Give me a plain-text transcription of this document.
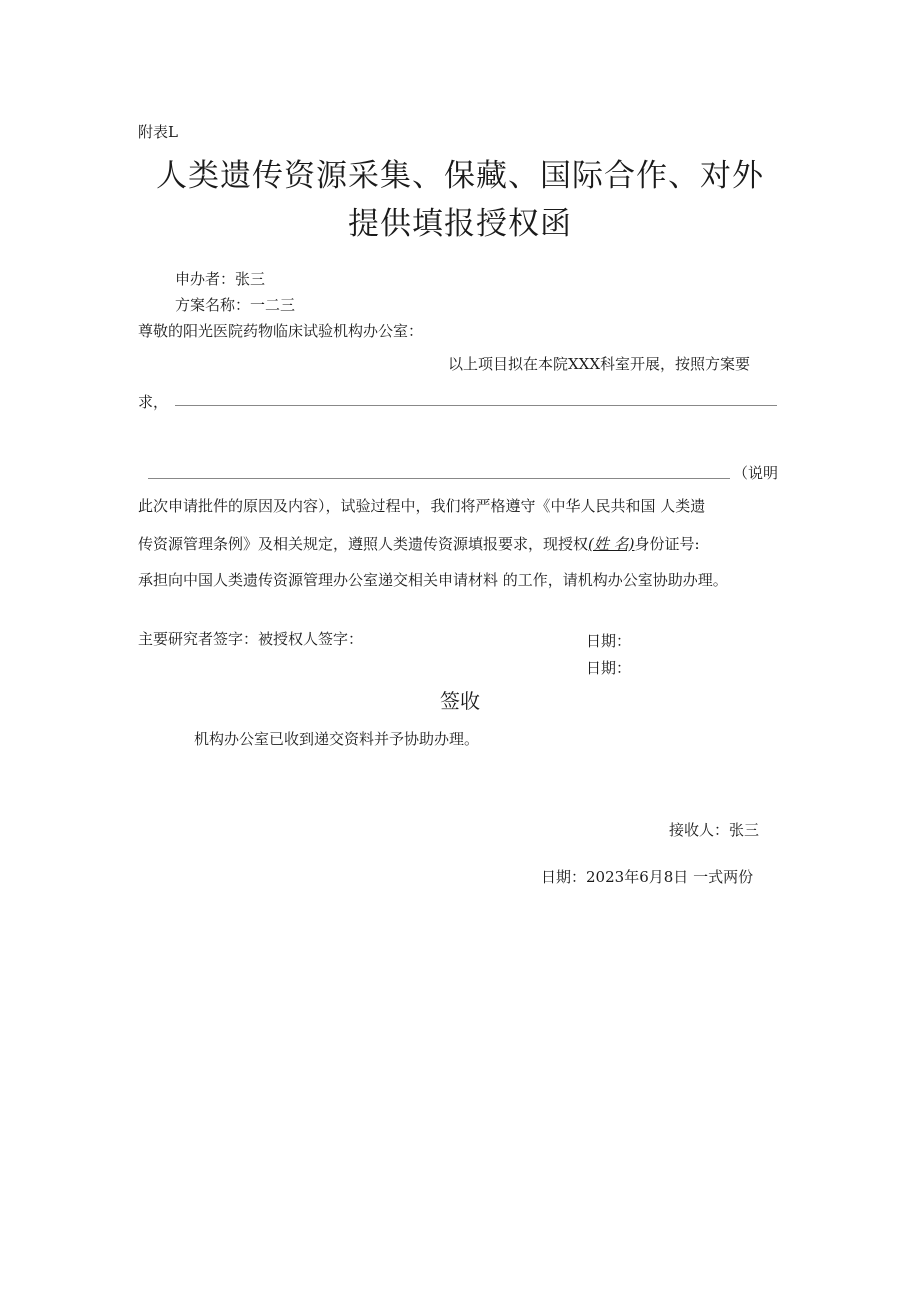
附表L
人类遗传资源采集、保藏、国际合作、对外
提供填报授权函
申办者：张三
方案名称：一二三
尊敬的阳光医院药物临床试验机构办公室：
以上项目拟在本院XXX科室开展，按照方案要
求，
（说明
此次申请批件的原因及内容），试验过程中，我们将严格遵守《中华人民共和国 人类遗
传资源管理条例》及相关规定，遵照人类遗传资源填报要求，现授权(姓 名)身份证号:
承担向中国人类遗传资源管理办公室递交相关申请材料 的工作，请机构办公室协助办理。
主要研究者签字：被授权人签字：	日期：
日期：
签收
机构办公室已收到递交资料并予协助办理。
接收人：张三
日期：2023年6月8日 一式两份
